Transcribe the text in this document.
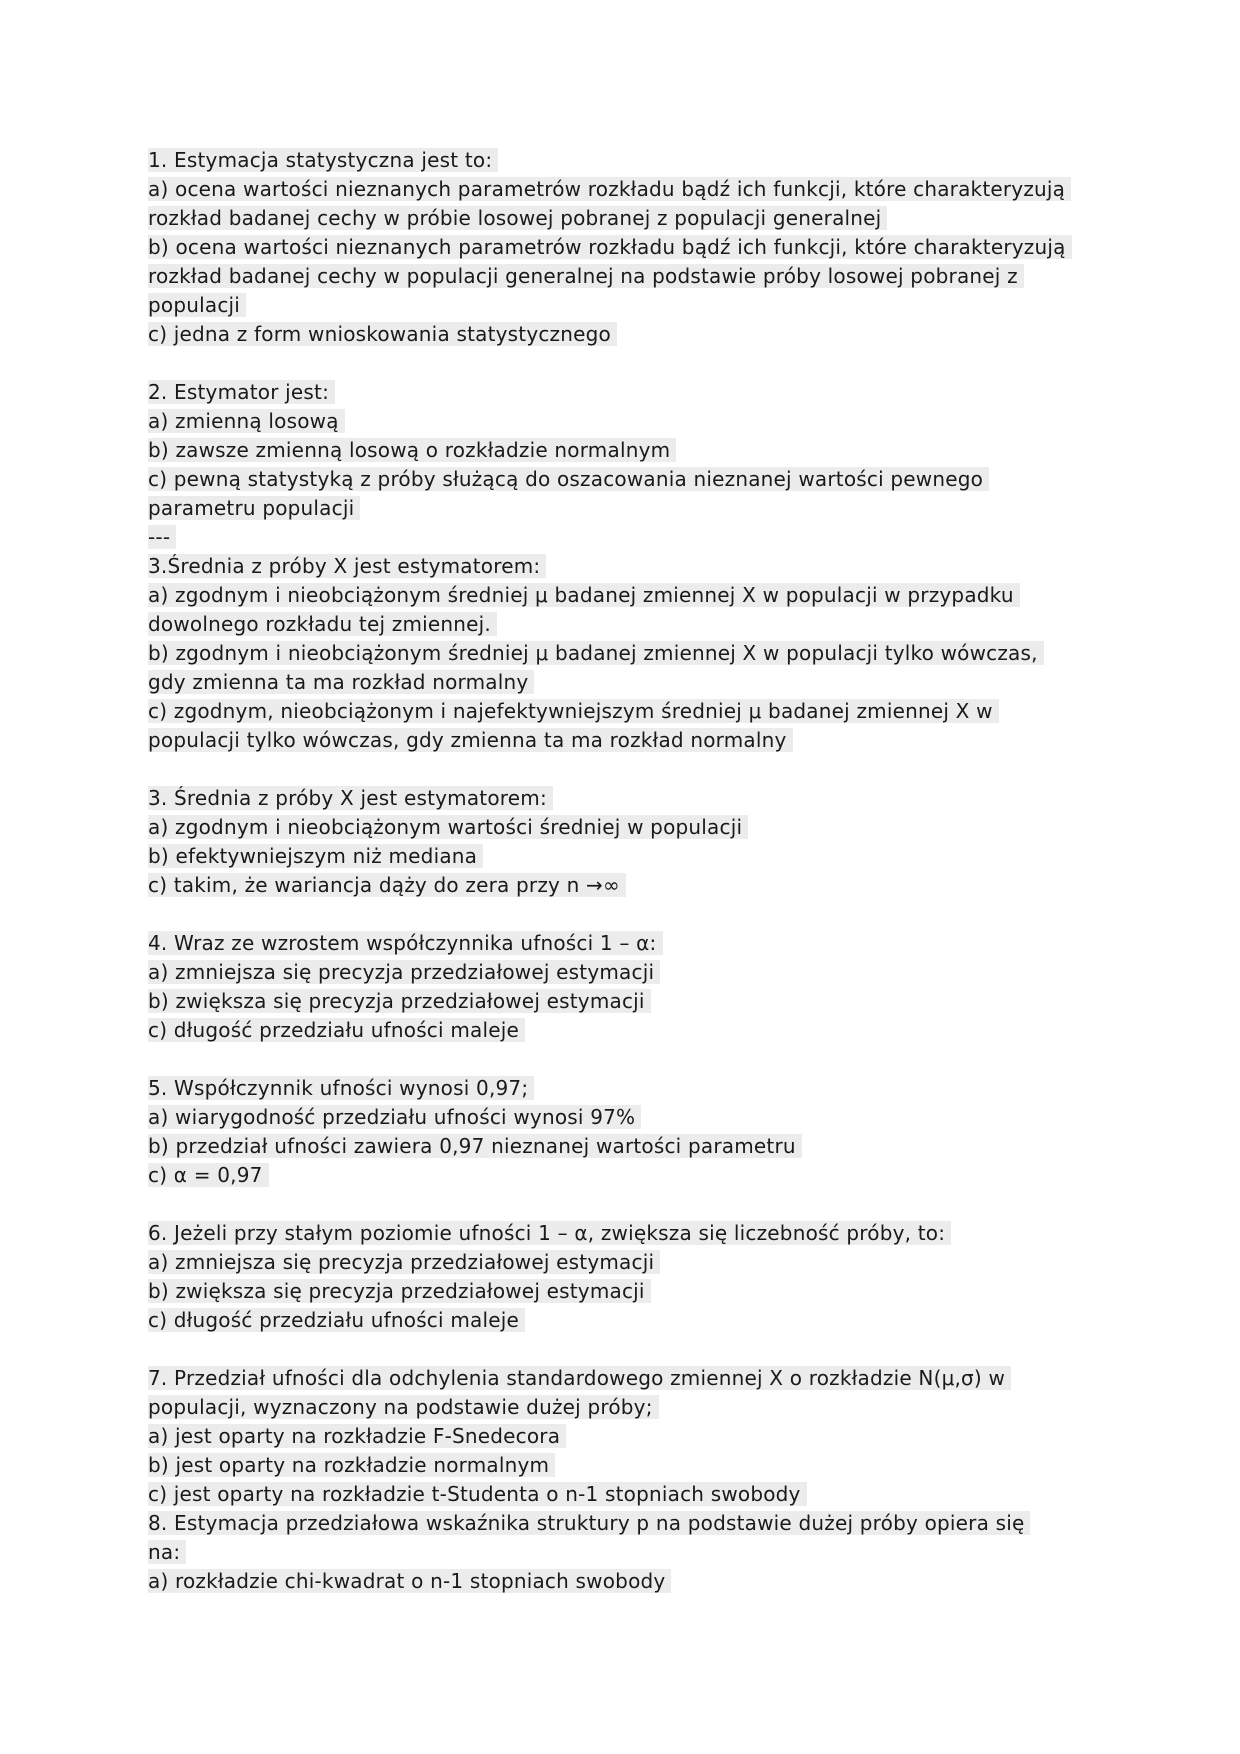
1. Estymacja statystyczna jest to:
a) ocena wartości nieznanych parametrów rozkładu bądź ich funkcji, które charakteryzują
rozkład badanej cechy w próbie losowej pobranej z populacji generalnej
b) ocena wartości nieznanych parametrów rozkładu bądź ich funkcji, które charakteryzują
rozkład badanej cechy w populacji generalnej na podstawie próby losowej pobranej z
populacji
c) jedna z form wnioskowania statystycznego
2. Estymator jest:
a) zmienną losową
b) zawsze zmienną losową o rozkładzie normalnym
c) pewną statystyką z próby służącą do oszacowania nieznanej wartości pewnego
parametru populacji
---
3.Średnia z próby X jest estymatorem:
a) zgodnym i nieobciążonym średniej μ badanej zmiennej X w populacji w przypadku
dowolnego rozkładu tej zmiennej.
b) zgodnym i nieobciążonym średniej μ badanej zmiennej X w populacji tylko wówczas,
gdy zmienna ta ma rozkład normalny
c) zgodnym, nieobciążonym i najefektywniejszym średniej μ badanej zmiennej X w
populacji tylko wówczas, gdy zmienna ta ma rozkład normalny
3. Średnia z próby X jest estymatorem:
a) zgodnym i nieobciążonym wartości średniej w populacji
b) efektywniejszym niż mediana
c) takim, że wariancja dąży do zera przy n →∞
4. Wraz ze wzrostem współczynnika ufności 1 – α:
a) zmniejsza się precyzja przedziałowej estymacji
b) zwiększa się precyzja przedziałowej estymacji
c) długość przedziału ufności maleje
5. Współczynnik ufności wynosi 0,97;
a) wiarygodność przedziału ufności wynosi 97%
b) przedział ufności zawiera 0,97 nieznanej wartości parametru
c) α = 0,97
6. Jeżeli przy stałym poziomie ufności 1 – α, zwiększa się liczebność próby, to:
a) zmniejsza się precyzja przedziałowej estymacji
b) zwiększa się precyzja przedziałowej estymacji
c) długość przedziału ufności maleje
7. Przedział ufności dla odchylenia standardowego zmiennej X o rozkładzie N(μ,σ) w
populacji, wyznaczony na podstawie dużej próby;
a) jest oparty na rozkładzie F-Snedecora
b) jest oparty na rozkładzie normalnym
c) jest oparty na rozkładzie t-Studenta o n-1 stopniach swobody
8. Estymacja przedziałowa wskaźnika struktury p na podstawie dużej próby opiera się
na:
a) rozkładzie chi-kwadrat o n-1 stopniach swobody
